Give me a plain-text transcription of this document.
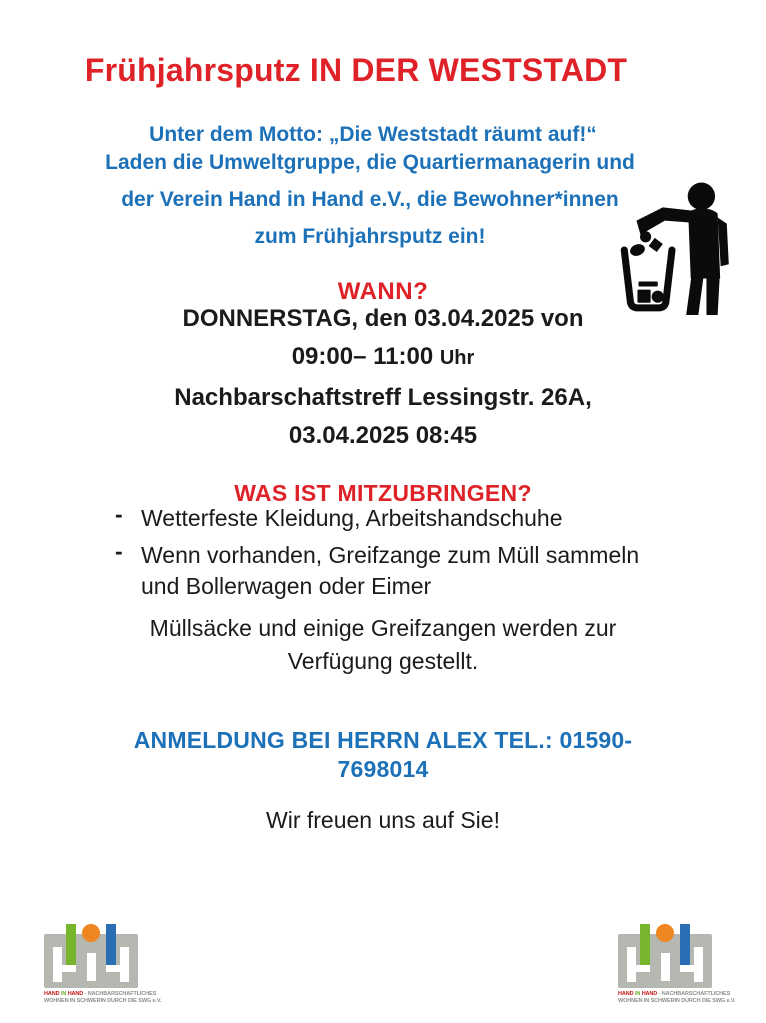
Frühjahrsputz IN DER WESTSTADT

Unter dem Motto: „Die Weststadt räumt auf!“

Laden die Umweltgruppe, die Quartiermanagerin und
der Verein Hand in Hand e.V., die Bewohner*innen
zum Frühjahrsputz ein!
WANN?
DONNERSTAG, den 03.04.2025 von
09:00– 11:00 Uhr
Nachbarschaftstreff Lessingstr. 26A,
03.04.2025 08:45
WAS IST MITZUBRINGEN?
- Wetterfeste Kleidung, Arbeitshandschuhe
- Wenn vorhanden, Greifzange zum Müll sammeln und Bollerwagen oder Eimer
Müllsäcke und einige Greifzangen werden zur
Verfügung gestellt.
ANMELDUNG BEI HERRN ALEX TEL.: 01590-
7698014

Wir freuen uns auf Sie!

HAND IN HAND - NACHBARSCHAFTLICHES
WOHNEN IN SCHWERIN DURCH DIE SWG e.V.
HAND IN HAND - NACHBARSCHAFTLICHES
WOHNEN IN SCHWERIN DURCH DIE SWG e.V.
